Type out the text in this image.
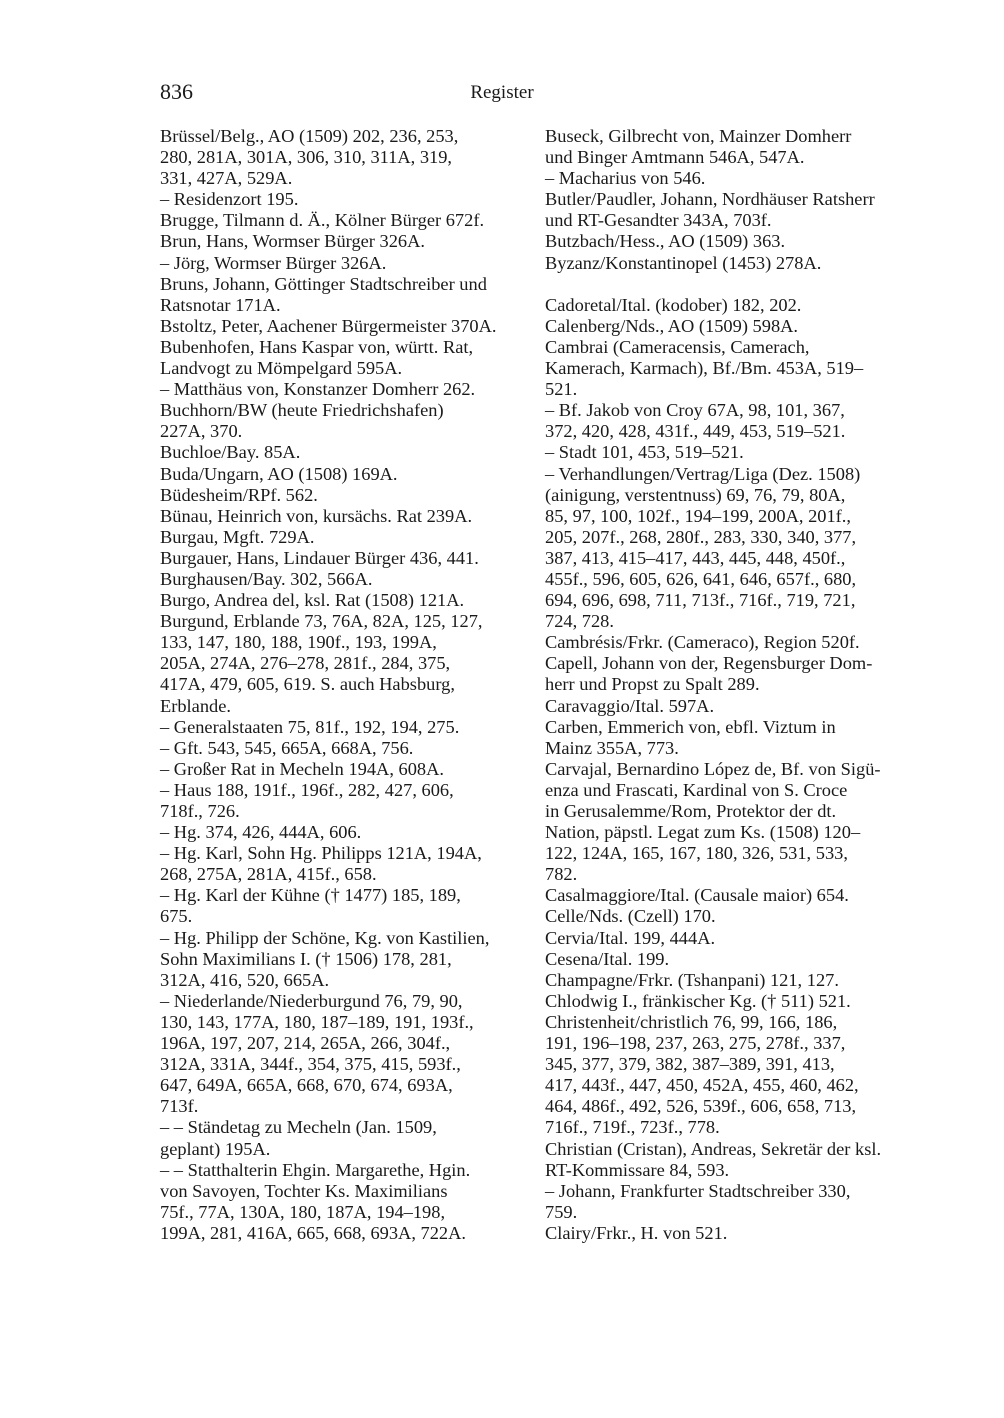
836	Register
Brüssel/Belg., AO (1509) 202, 236, 253,
280, 281A, 301A, 306, 310, 311A, 319,
331, 427A, 529A.
– Residenzort 195.
Brugge, Tilmann d. Ä., Kölner Bürger 672f.
Brun, Hans, Wormser Bürger 326A.
– Jörg, Wormser Bürger 326A.
Bruns, Johann, Göttinger Stadtschreiber und
Ratsnotar 171A.
Bstoltz, Peter, Aachener Bürgermeister 370A.
Bubenhofen, Hans Kaspar von, württ. Rat,
Landvogt zu Mömpelgard 595A.
– Matthäus von, Konstanzer Domherr 262.
Buchhorn/BW (heute Friedrichshafen)
227A, 370.
Buchloe/Bay. 85A.
Buda/Ungarn, AO (1508) 169A.
Büdesheim/RPf. 562.
Bünau, Heinrich von, kursächs. Rat 239A.
Burgau, Mgft. 729A.
Burgauer, Hans, Lindauer Bürger 436, 441.
Burghausen/Bay. 302, 566A.
Burgo, Andrea del, ksl. Rat (1508) 121A.
Burgund, Erblande 73, 76A, 82A, 125, 127,
133, 147, 180, 188, 190f., 193, 199A,
205A, 274A, 276–278, 281f., 284, 375,
417A, 479, 605, 619. S. auch Habsburg,
Erblande.
– Generalstaaten 75, 81f., 192, 194, 275.
– Gft. 543, 545, 665A, 668A, 756.
– Großer Rat in Mecheln 194A, 608A.
– Haus 188, 191f., 196f., 282, 427, 606,
718f., 726.
– Hg. 374, 426, 444A, 606.
– Hg. Karl, Sohn Hg. Philipps 121A, 194A,
268, 275A, 281A, 415f., 658.
– Hg. Karl der Kühne († 1477) 185, 189,
675.
– Hg. Philipp der Schöne, Kg. von Kastilien,
Sohn Maximilians I. († 1506) 178, 281,
312A, 416, 520, 665A.
– Niederlande/Niederburgund 76, 79, 90,
130, 143, 177A, 180, 187–189, 191, 193f.,
196A, 197, 207, 214, 265A, 266, 304f.,
312A, 331A, 344f., 354, 375, 415, 593f.,
647, 649A, 665A, 668, 670, 674, 693A,
713f.
– – Ständetag zu Mecheln (Jan. 1509,
geplant) 195A.
– – Statthalterin Ehgin. Margarethe, Hgin.
von Savoyen, Tochter Ks. Maximilians
75f., 77A, 130A, 180, 187A, 194–198,
199A, 281, 416A, 665, 668, 693A, 722A.
Buseck, Gilbrecht von, Mainzer Domherr
und Binger Amtmann 546A, 547A.
– Macharius von 546.
Butler/Paudler, Johann, Nordhäuser Ratsherr
und RT-Gesandter 343A, 703f.
Butzbach/Hess., AO (1509) 363.
Byzanz/Konstantinopel (1453) 278A.
Cadoretal/Ital. (kodober) 182, 202.
Calenberg/Nds., AO (1509) 598A.
Cambrai (Cameracensis, Camerach,
Kamerach, Karmach), Bf./Bm. 453A, 519–
521.
– Bf. Jakob von Croy 67A, 98, 101, 367,
372, 420, 428, 431f., 449, 453, 519–521.
– Stadt 101, 453, 519–521.
– Verhandlungen/Vertrag/Liga (Dez. 1508)
(ainigung, verstentnuss) 69, 76, 79, 80A,
85, 97, 100, 102f., 194–199, 200A, 201f.,
205, 207f., 268, 280f., 283, 330, 340, 377,
387, 413, 415–417, 443, 445, 448, 450f.,
455f., 596, 605, 626, 641, 646, 657f., 680,
694, 696, 698, 711, 713f., 716f., 719, 721,
724, 728.
Cambrésis/Frkr. (Cameraco), Region 520f.
Capell, Johann von der, Regensburger Dom-
herr und Propst zu Spalt 289.
Caravaggio/Ital. 597A.
Carben, Emmerich von, ebfl. Viztum in
Mainz 355A, 773.
Carvajal, Bernardino López de, Bf. von Sigü-
enza und Frascati, Kardinal von S. Croce
in Gerusalemme/Rom, Protektor der dt.
Nation, päpstl. Legat zum Ks. (1508) 120–
122, 124A, 165, 167, 180, 326, 531, 533,
782.
Casalmaggiore/Ital. (Causale maior) 654.
Celle/Nds. (Czell) 170.
Cervia/Ital. 199, 444A.
Cesena/Ital. 199.
Champagne/Frkr. (Tshanpani) 121, 127.
Chlodwig I., fränkischer Kg. († 511) 521.
Christenheit/christlich 76, 99, 166, 186,
191, 196–198, 237, 263, 275, 278f., 337,
345, 377, 379, 382, 387–389, 391, 413,
417, 443f., 447, 450, 452A, 455, 460, 462,
464, 486f., 492, 526, 539f., 606, 658, 713,
716f., 719f., 723f., 778.
Christian (Cristan), Andreas, Sekretär der ksl.
RT-Kommissare 84, 593.
– Johann, Frankfurter Stadtschreiber 330,
759.
Clairy/Frkr., H. von 521.
